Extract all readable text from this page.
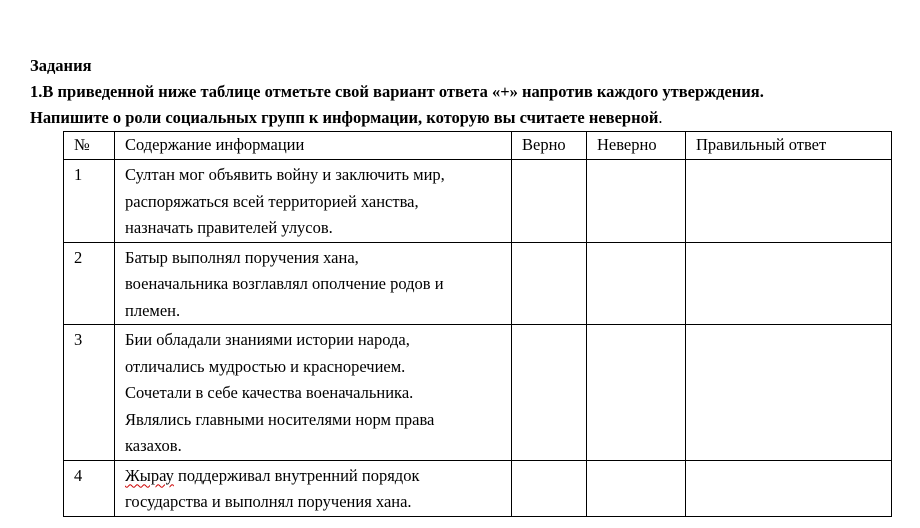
Задания
1.В приведенной ниже таблице отметьте свой вариант ответа «+» напротив каждого утверждения.
Напишите о роли социальных групп к информации, которую вы считаете неверной.
№	Содержание информации	Верно	Неверно	Правильный ответ
1	Султан мог объявить войну и заключить мир,
распоряжаться всей территорией ханства,
назначать правителей улусов.			

2	Батыр выполнял поручения хана,
военачальника возглавлял ополчение родов и
племен.			

3	Бии обладали знаниями истории народа,
отличались мудростью и красноречием.
Сочетали в себе качества военачальника.
Являлись главными носителями норм права
казахов.			

4	Жырау поддерживал внутренний порядок
государства и выполнял поручения хана.			
